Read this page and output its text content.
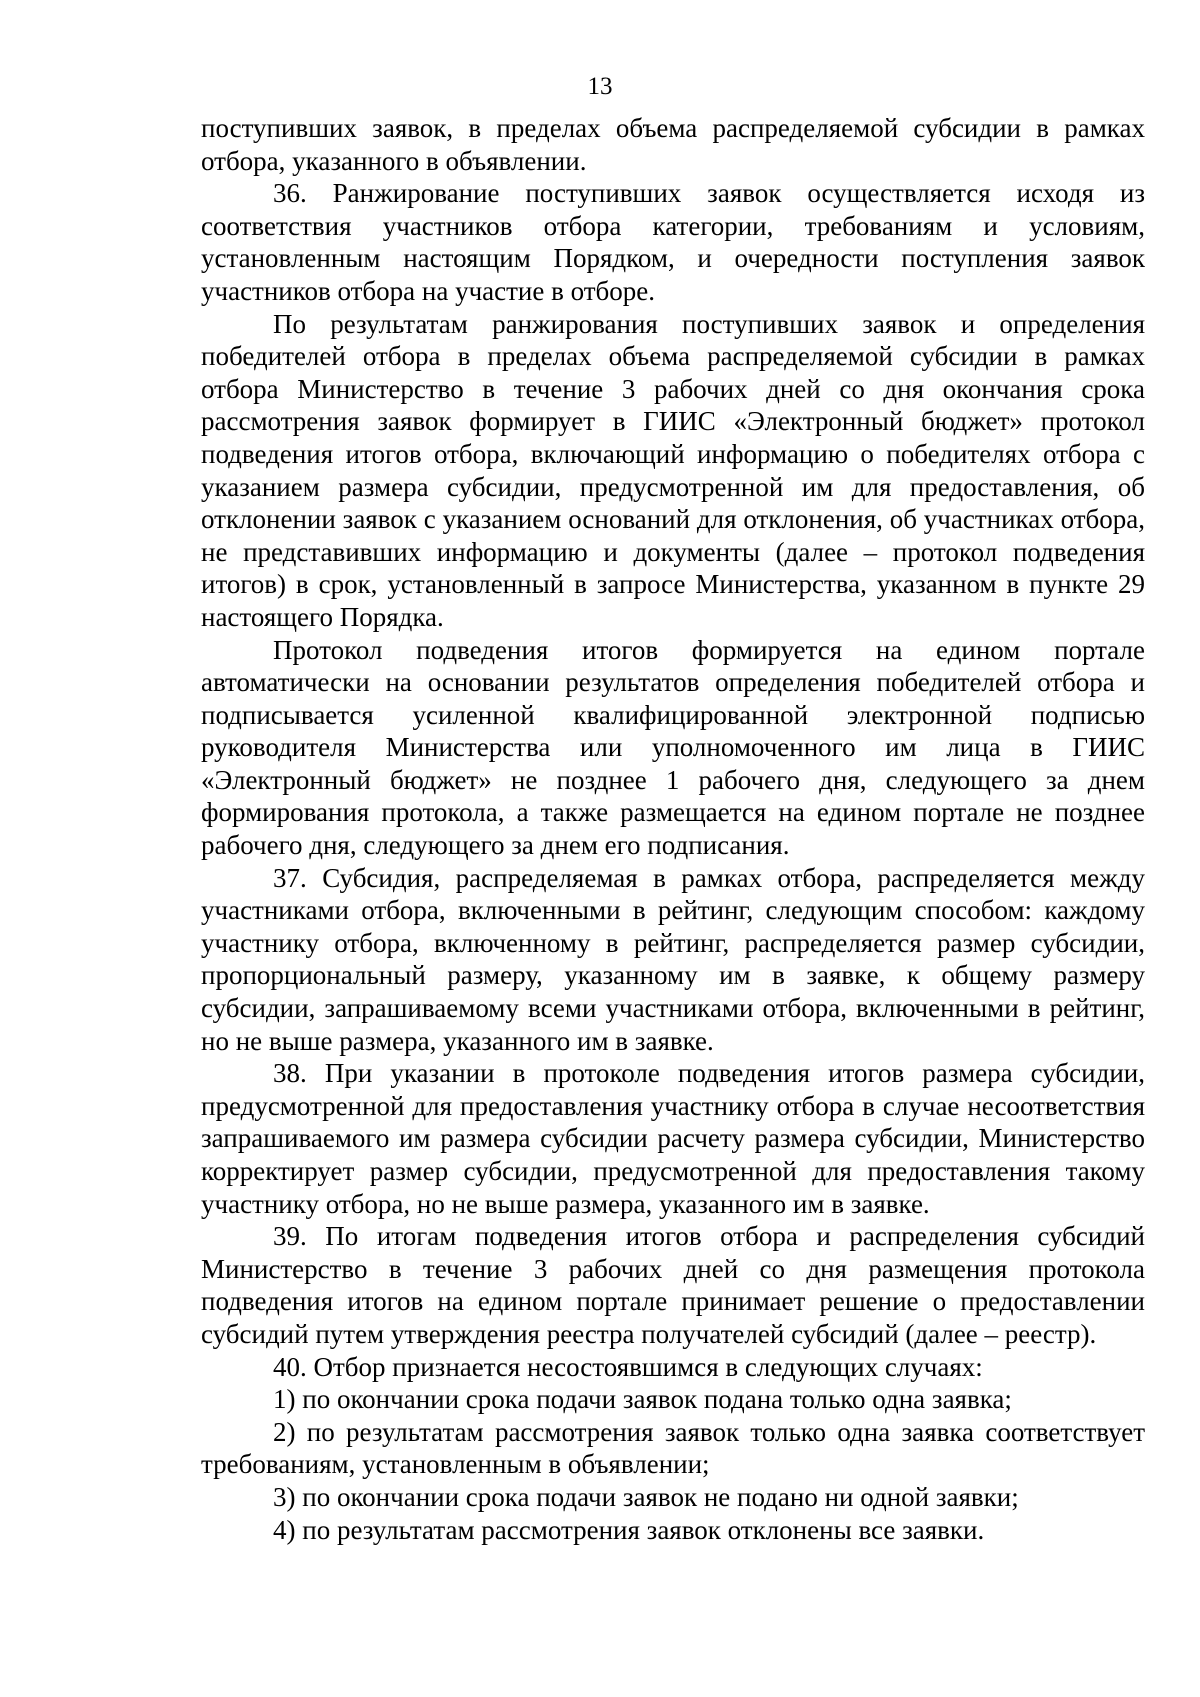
13

поступивших заявок, в пределах объема распределяемой субсидии в рамках отбора, указанного в объявлении.

36. Ранжирование поступивших заявок осуществляется исходя из соответствия участников отбора категории, требованиям и условиям, установленным настоящим Порядком, и очередности поступления заявок участников отбора на участие в отборе.

По результатам ранжирования поступивших заявок и определения победителей отбора в пределах объема распределяемой субсидии в рамках отбора Министерство в течение 3 рабочих дней со дня окончания срока рассмотрения заявок формирует в ГИИС «Электронный бюджет» протокол подведения итогов отбора, включающий информацию о победителях отбора с указанием размера субсидии, предусмотренной им для предоставления, об отклонении заявок с указанием оснований для отклонения, об участниках отбора, не представивших информацию и документы (далее – протокол подведения итогов) в срок, установленный в запросе Министерства, указанном в пункте 29 настоящего Порядка.

Протокол подведения итогов формируется на едином портале автоматически на основании результатов определения победителей отбора и подписывается усиленной квалифицированной электронной подписью руководителя Министерства или уполномоченного им лица в ГИИС «Электронный бюджет» не позднее 1 рабочего дня, следующего за днем формирования протокола, а также размещается на едином портале не позднее рабочего дня, следующего за днем его подписания.

37. Субсидия, распределяемая в рамках отбора, распределяется между участниками отбора, включенными в рейтинг, следующим способом: каждому участнику отбора, включенному в рейтинг, распределяется размер субсидии, пропорциональный размеру, указанному им в заявке, к общему размеру субсидии, запрашиваемому всеми участниками отбора, включенными в рейтинг, но не выше размера, указанного им в заявке.

38. При указании в протоколе подведения итогов размера субсидии, предусмотренной для предоставления участнику отбора в случае несоответствия запрашиваемого им размера субсидии расчету размера субсидии, Министерство корректирует размер субсидии, предусмотренной для предоставления такому участнику отбора, но не выше размера, указанного им в заявке.

39. По итогам подведения итогов отбора и распределения субсидий Министерство в течение 3 рабочих дней со дня размещения протокола подведения итогов на едином портале принимает решение о предоставлении субсидий путем утверждения реестра получателей субсидий (далее – реестр).

40. Отбор признается несостоявшимся в следующих случаях:

1) по окончании срока подачи заявок подана только одна заявка;

2) по результатам рассмотрения заявок только одна заявка соответствует требованиям, установленным в объявлении;

3) по окончании срока подачи заявок не подано ни одной заявки;

4) по результатам рассмотрения заявок отклонены все заявки.
